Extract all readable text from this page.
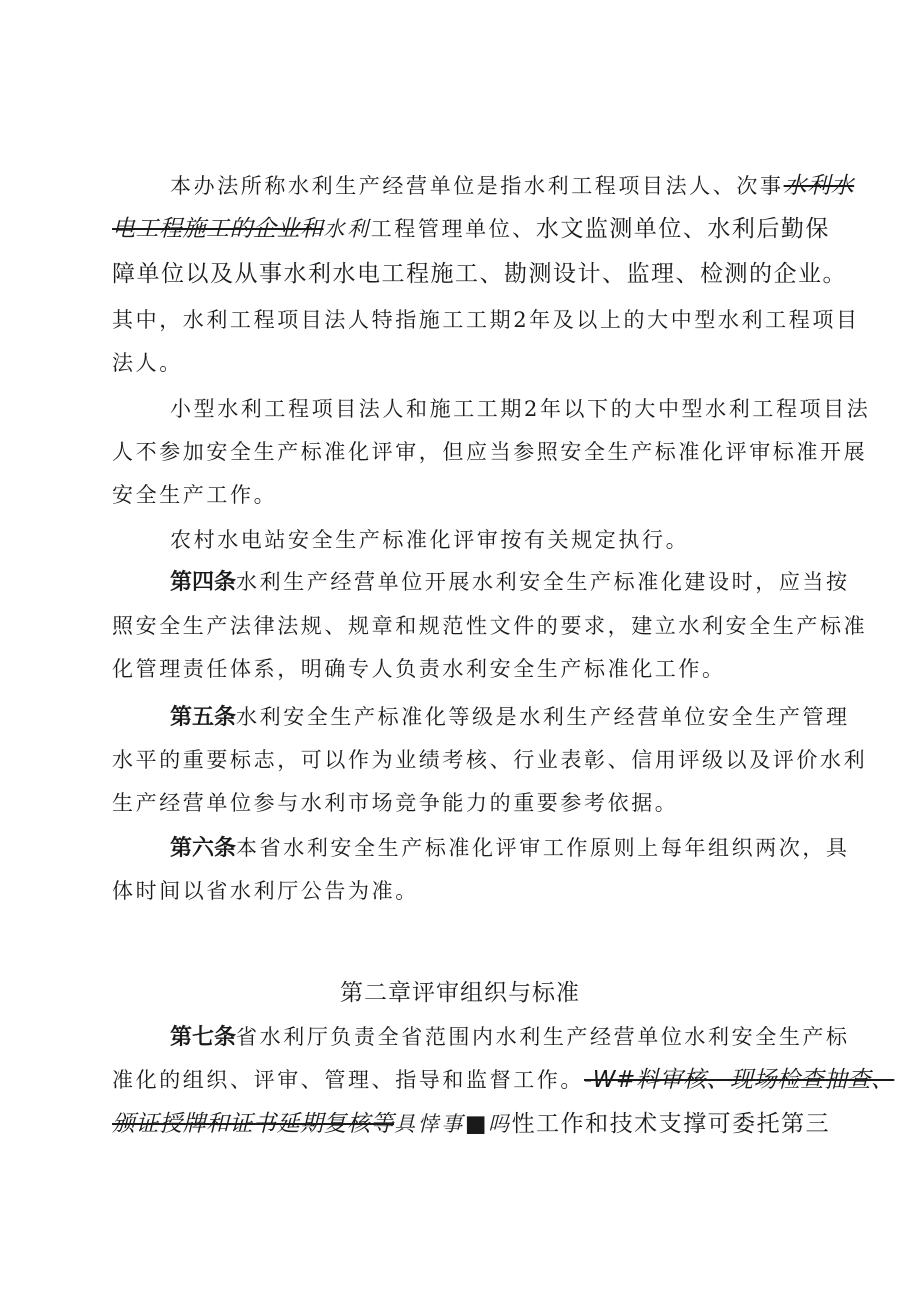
本办法所称水利生产经营单位是指水利工程项目法人、次事水利水
电工程施工的企业和水利工程管理单位、水文监测单位、水利后勤保
障单位以及从事水利水电工程施工、勘测设计、监理、检测的企业。
其中，水利工程项目法人特指施工工期2年及以上的大中型水利工程项目
法人。
小型水利工程项目法人和施工工期2年以下的大中型水利工程项目法
人不参加安全生产标准化评审，但应当参照安全生产标准化评审标准开展
安全生产工作。
农村水电站安全生产标准化评审按有关规定执行。
第四条水利生产经营单位开展水利安全生产标准化建设时，应当按
照安全生产法律法规、规章和规范性文件的要求，建立水利安全生产标准
化管理责任体系，明确专人负责水利安全生产标准化工作。
第五条水利安全生产标准化等级是水利生产经营单位安全生产管理
水平的重要标志，可以作为业绩考核、行业表彰、信用评级以及评价水利
生产经营单位参与水利市场竞争能力的重要参考依据。
第六条本省水利安全生产标准化评审工作原则上每年组织两次，具
体时间以省水利厅公告为准。
第二章评审组织与标准
第七条省水利厅负责全省范围内水利生产经营单位水利安全生产标
准化的组织、评审、管理、指导和监督工作。-W#料审核、现场检查抽查、
颁证授牌和证书延期复核等具悻事■吗性工作和技术支撑可委托第三
